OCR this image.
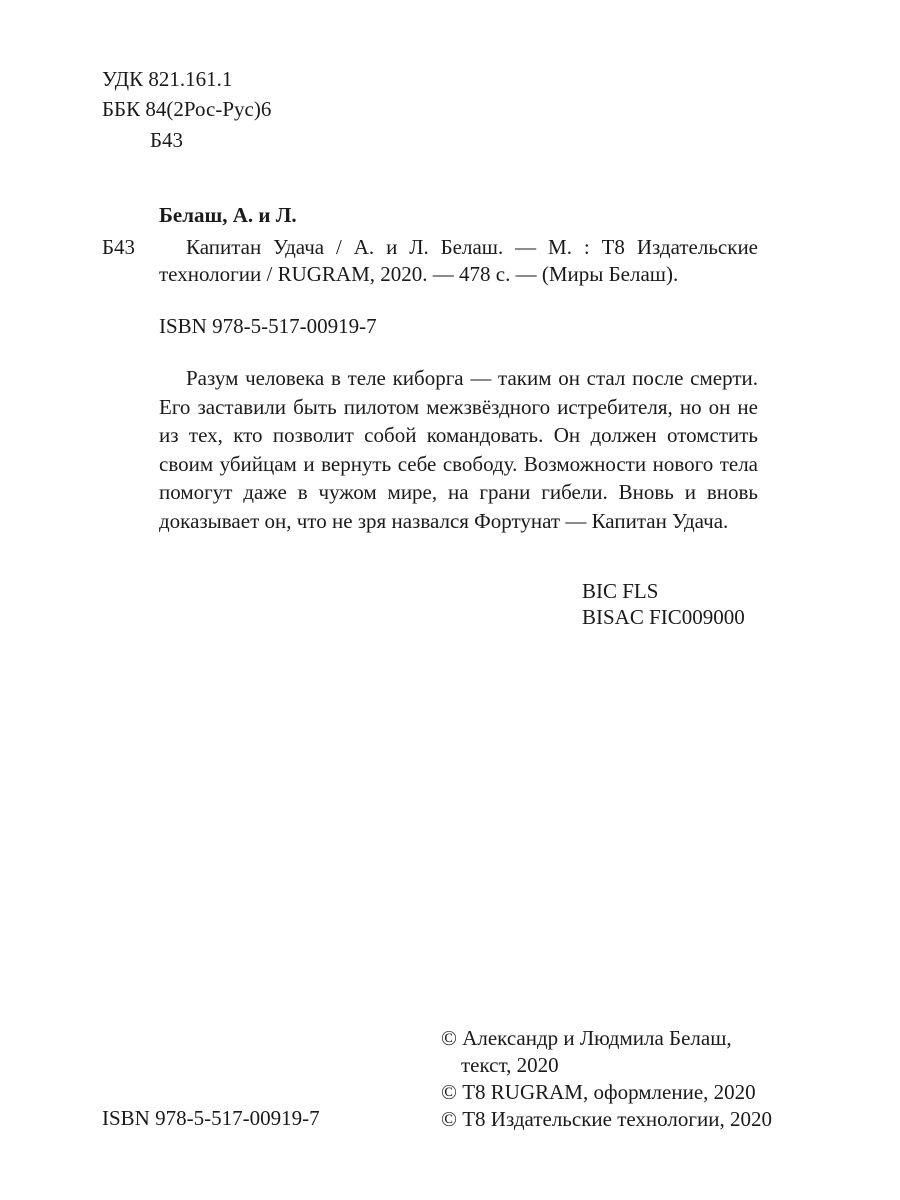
УДК 821.161.1
ББК 84(2Рос-Рус)6
Б43
Белаш, А. и Л.
Б43 Капитан Удача / А. и Л. Белаш. — М. : Т8 Издательские
технологии / RUGRAM, 2020. — 478 с. — (Миры Белаш).
ISBN 978-5-517-00919-7

Разум человека в теле киборга — таким он стал после смерти. Его заставили быть пилотом межзвёздного истребителя, но он не из тех, кто позволит собой командовать. Он должен отомстить своим убийцам и вернуть себе свободу. Возможности нового тела помогут даже в чужом мире, на грани гибели. Вновь и вновь доказывает он, что не зря назвался Фортунат — Капитан Удача.

BIC FLS
BISAC FIC009000
ISBN 978-5-517-00919-7
© Александр и Людмила Белаш,
текст, 2020
© Т8 RUGRAM, оформление, 2020
© Т8 Издательские технологии, 2020
